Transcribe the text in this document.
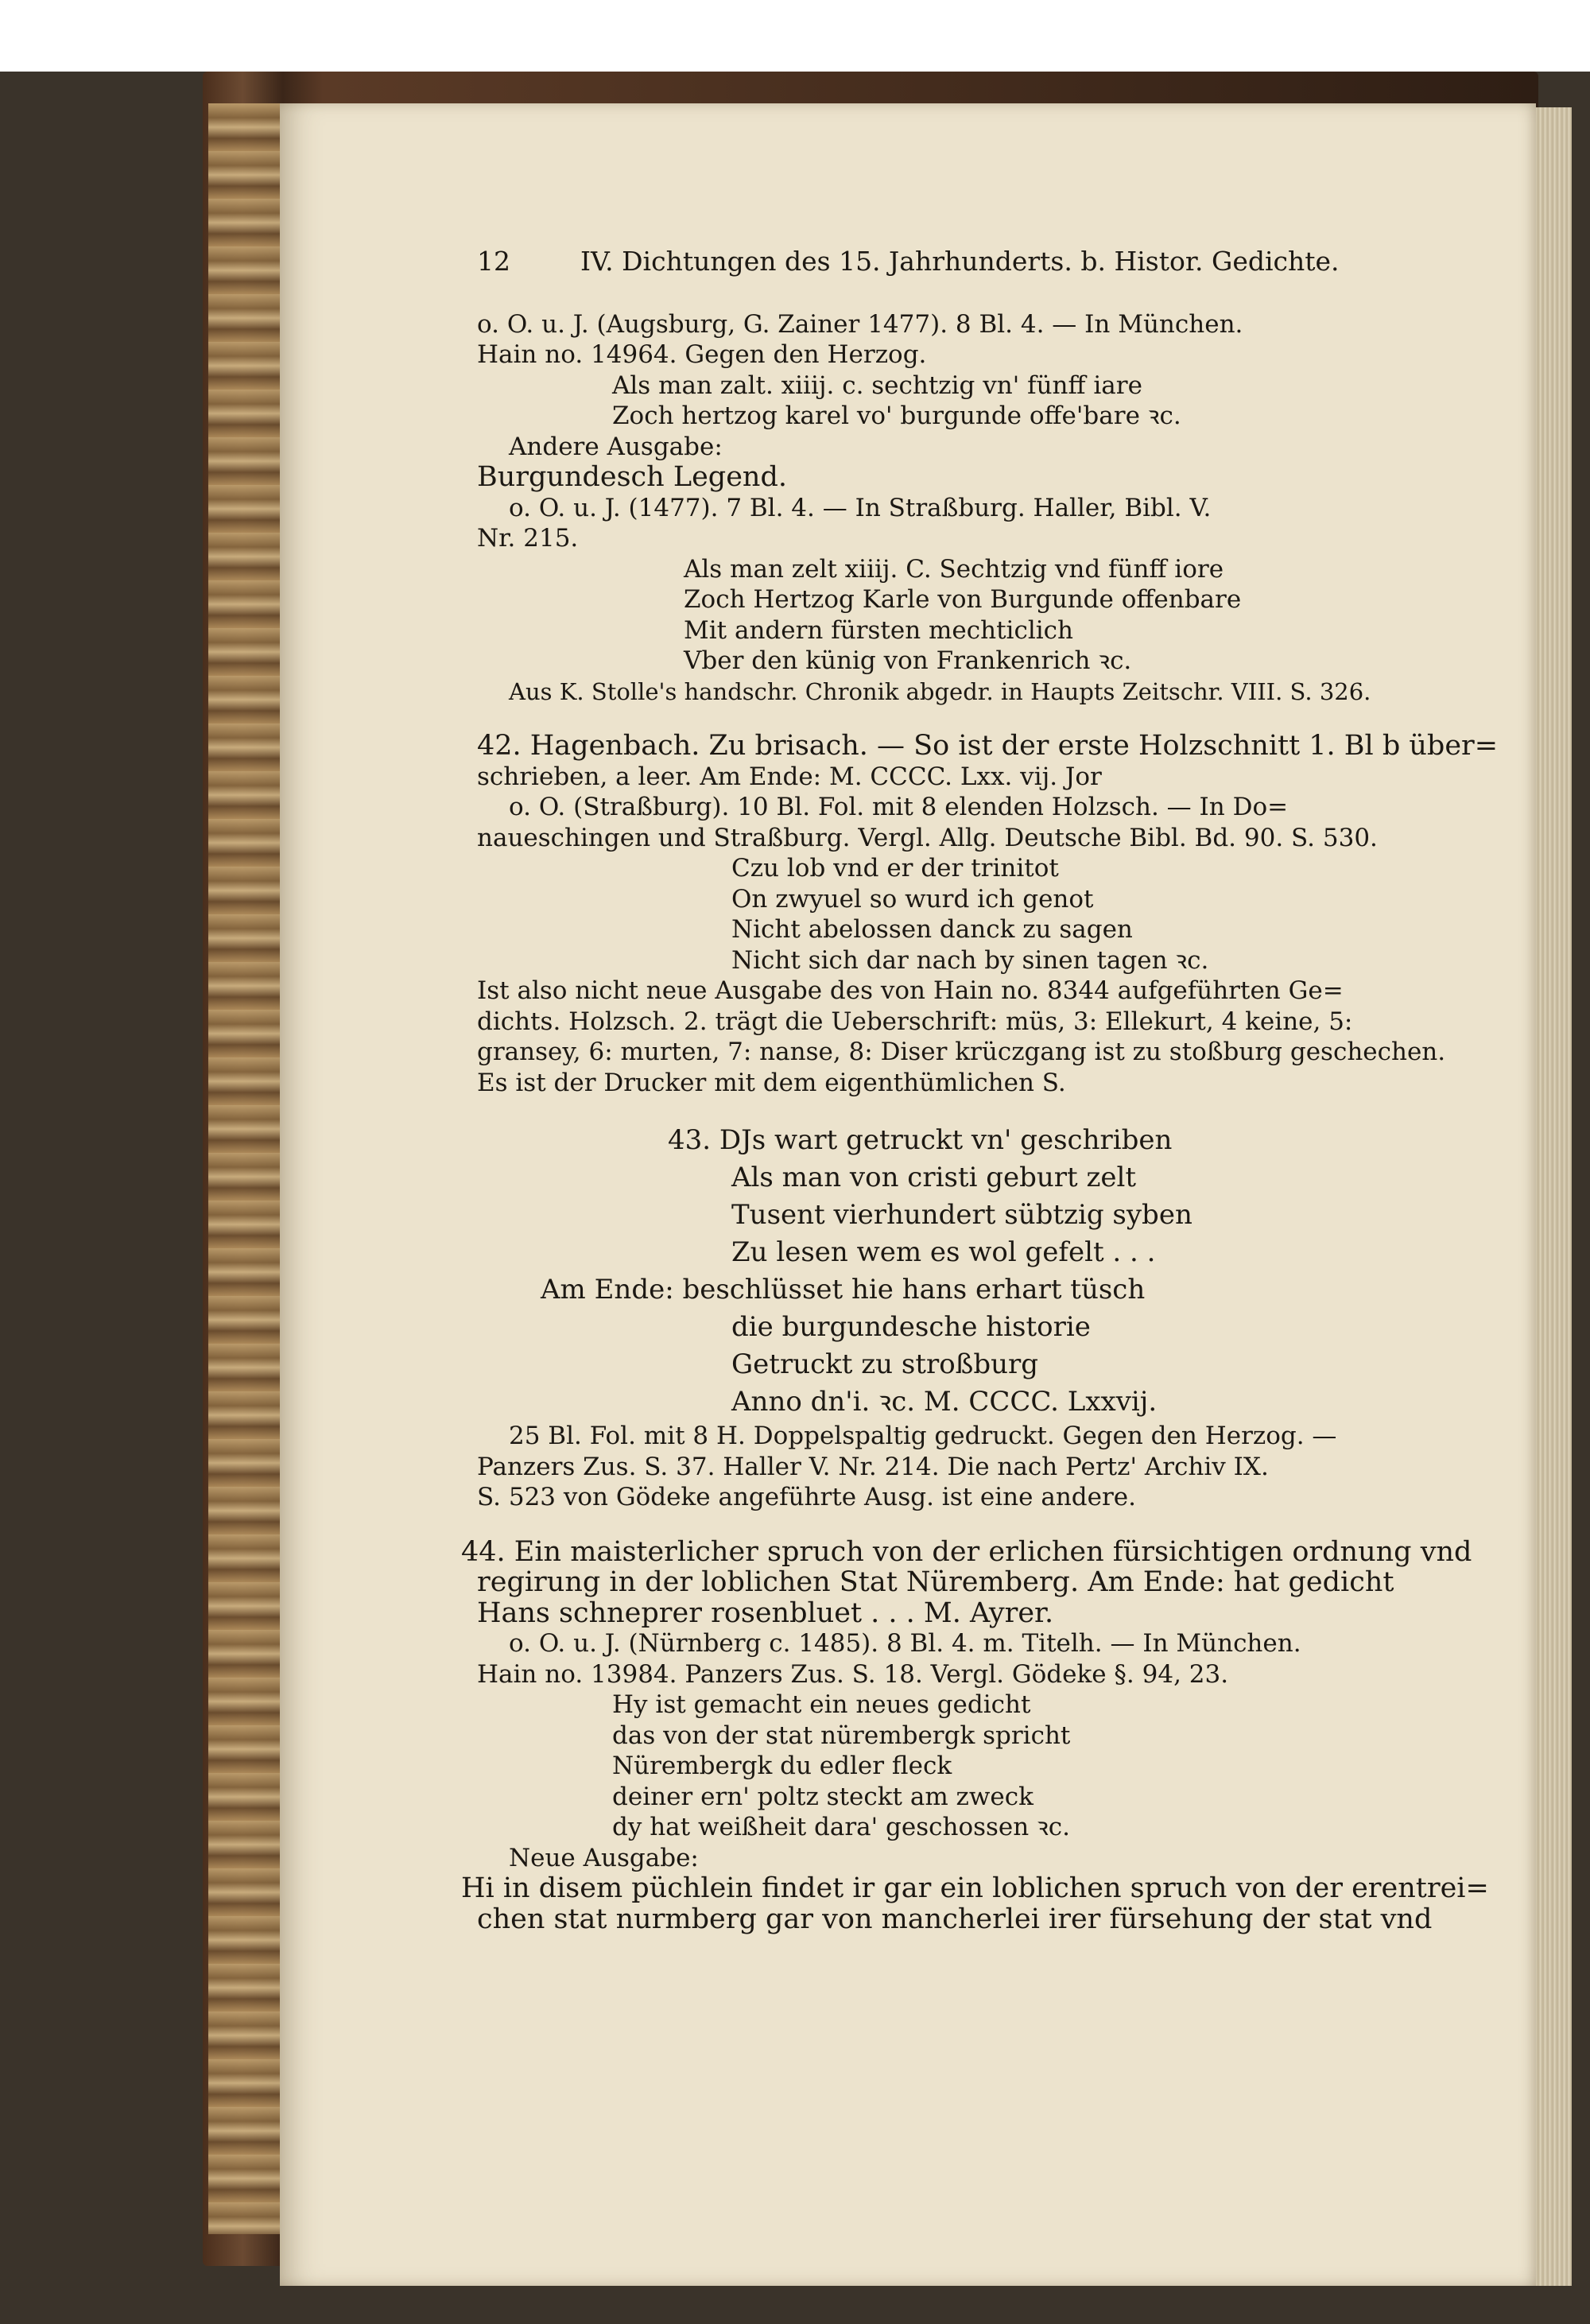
12	IV. Dichtungen des 15. Jahrhunderts. b. Histor. Gedichte.

o. O. u. J. (Augsburg, G. Zainer 1477). 8 Bl. 4. — In München.

Hain no. 14964. Gegen den Herzog.

Als man zalt. xiiij. c. sechtzig vn' fünff iare

Zoch hertzog karel vo' burgunde offe'bare ꝛc.

Andere Ausgabe:

Burgundesch Legend.

o. O. u. J. (1477). 7 Bl. 4. — In Straßburg. Haller, Bibl. V.

Nr. 215.

Als man zelt xiiij. C. Sechtzig vnd fünff iore

Zoch Hertzog Karle von Burgunde offenbare

Mit andern fürsten mechticlich

Vber den künig von Frankenrich ꝛc.

Aus K. Stolle's handschr. Chronik abgedr. in Haupts Zeitschr. VIII. S. 326.

42. Hagenbach. Zu brisach. — So ist der erste Holzschnitt 1. Bl b über=

schrieben, a leer. Am Ende: M. CCCC. Lxx. vij. Jor

o. O. (Straßburg). 10 Bl. Fol. mit 8 elenden Holzsch. — In Do=

naueschingen und Straßburg. Vergl. Allg. Deutsche Bibl. Bd. 90. S. 530.

Czu lob vnd er der trinitot

On zwyuel so wurd ich genot

Nicht abelossen danck zu sagen

Nicht sich dar nach by sinen tagen ꝛc.

Ist also nicht neue Ausgabe des von Hain no. 8344 aufgeführten Ge=

dichts. Holzsch. 2. trägt die Ueberschrift: müs, 3: Ellekurt, 4 keine, 5:

gransey, 6: murten, 7: nanse, 8: Diser krüczgang ist zu stoßburg geschechen.

Es ist der Drucker mit dem eigenthümlichen S.

43. DJs wart getruckt vn' geschriben

Als man von cristi geburt zelt

Tusent vierhundert sübtzig syben

Zu lesen wem es wol gefelt . . .

Am Ende: beschlüsset hie hans erhart tüsch

die burgundesche historie

Getruckt zu stroßburg

Anno dn'i. ꝛc. M. CCCC. Lxxvij.

25 Bl. Fol. mit 8 H. Doppelspaltig gedruckt. Gegen den Herzog. —

Panzers Zus. S. 37. Haller V. Nr. 214. Die nach Pertz' Archiv IX.

S. 523 von Gödeke angeführte Ausg. ist eine andere.

44. Ein maisterlicher spruch von der erlichen fürsichtigen ordnung vnd

regirung in der loblichen Stat Nüremberg. Am Ende: hat gedicht

Hans schneprer rosenbluet . . . M. Ayrer.

o. O. u. J. (Nürnberg c. 1485). 8 Bl. 4. m. Titelh. — In München.

Hain no. 13984. Panzers Zus. S. 18. Vergl. Gödeke §. 94, 23.

Hy ist gemacht ein neues gedicht

das von der stat nürembergk spricht

Nürembergk du edler fleck

deiner ern' poltz steckt am zweck

dy hat weißheit dara' geschossen ꝛc.

Neue Ausgabe:

Hi in disem püchlein findet ir gar ein loblichen spruch von der erentrei=

chen stat nurmberg gar von mancherlei irer fürsehung der stat vnd
